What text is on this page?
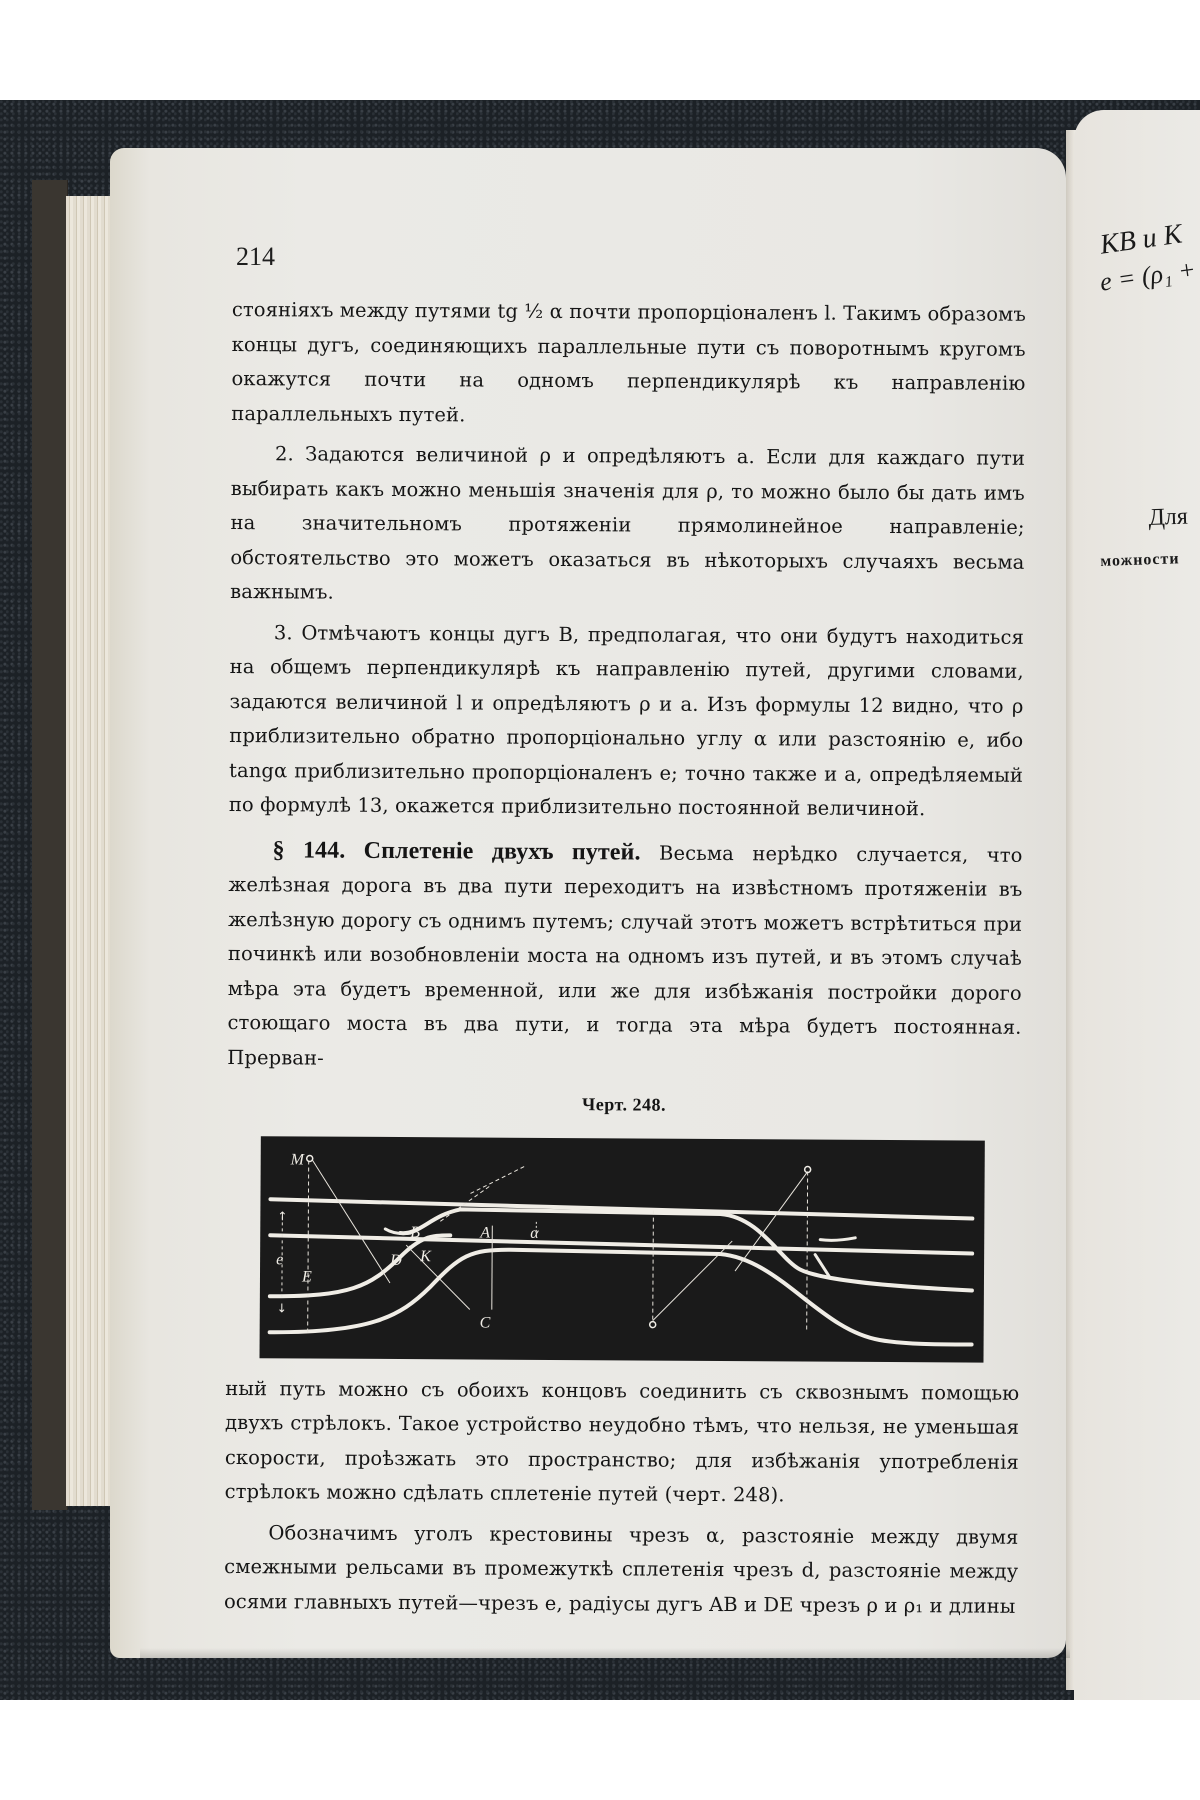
KB и K
e = (ρ₁ +
Для
можности
214

стояніяхъ между путями tg ½ α почти пропорціоналенъ l. Такимъ образомъ концы дугъ, соединяющихъ параллельные пути съ поворотнымъ кругомъ окажутся почти на одномъ перпендикулярѣ къ направленію параллельныхъ путей.

2. Задаются величиной ρ и опредѣляютъ a. Если для каждаго пути выбирать какъ можно меньшія значенія для ρ, то можно было бы дать имъ на значительномъ протяженіи прямолинейное направленіе; обстоятельство это можетъ оказаться въ нѣкоторыхъ случаяхъ весьма важнымъ.

3. Отмѣчаютъ концы дугъ B, предполагая, что они будутъ находиться на общемъ перпендикулярѣ къ направленію путей, другими словами, задаются величиной l и опредѣляютъ ρ и a. Изъ формулы 12 видно, что ρ приблизительно обратно пропорціонально углу α или разстоянію e, ибо tangα приблизительно пропорціоналенъ e; точно также и a, опредѣляемый по формулѣ 13, окажется приблизительно постоянной величиной.

§ 144. Сплетеніе двухъ путей. Весьма нерѣдко случается, что желѣзная дорога въ два пути переходитъ на извѣстномъ протяженіи въ желѣзную дорогу съ однимъ путемъ; случай этотъ можетъ встрѣтиться при починкѣ или возобновленіи моста на одномъ изъ путей, и въ этомъ случаѣ мѣра эта будетъ временной, или же для избѣжанія постройки дорого стоющаго моста въ два пути, и тогда эта мѣра будетъ постоянная. Прерван-

Черт. 248.
M
B	A	α
K
D
E
e
C
↑
↓

ный путь можно съ обоихъ концовъ соединить съ сквознымъ помощью двухъ стрѣлокъ. Такое устройство неудобно тѣмъ, что нельзя, не уменьшая скорости, проѣзжать это пространство; для избѣжанія употребленія стрѣлокъ можно сдѣлать сплетеніе путей (черт. 248).

Обозначимъ уголъ крестовины чрезъ α, разстояніе между двумя смежными рельсами въ промежуткѣ сплетенія чрезъ d, разстояніе между осями главныхъ путей—чрезъ e, радіусы дугъ AB и DE чрезъ ρ и ρ₁ и длины
